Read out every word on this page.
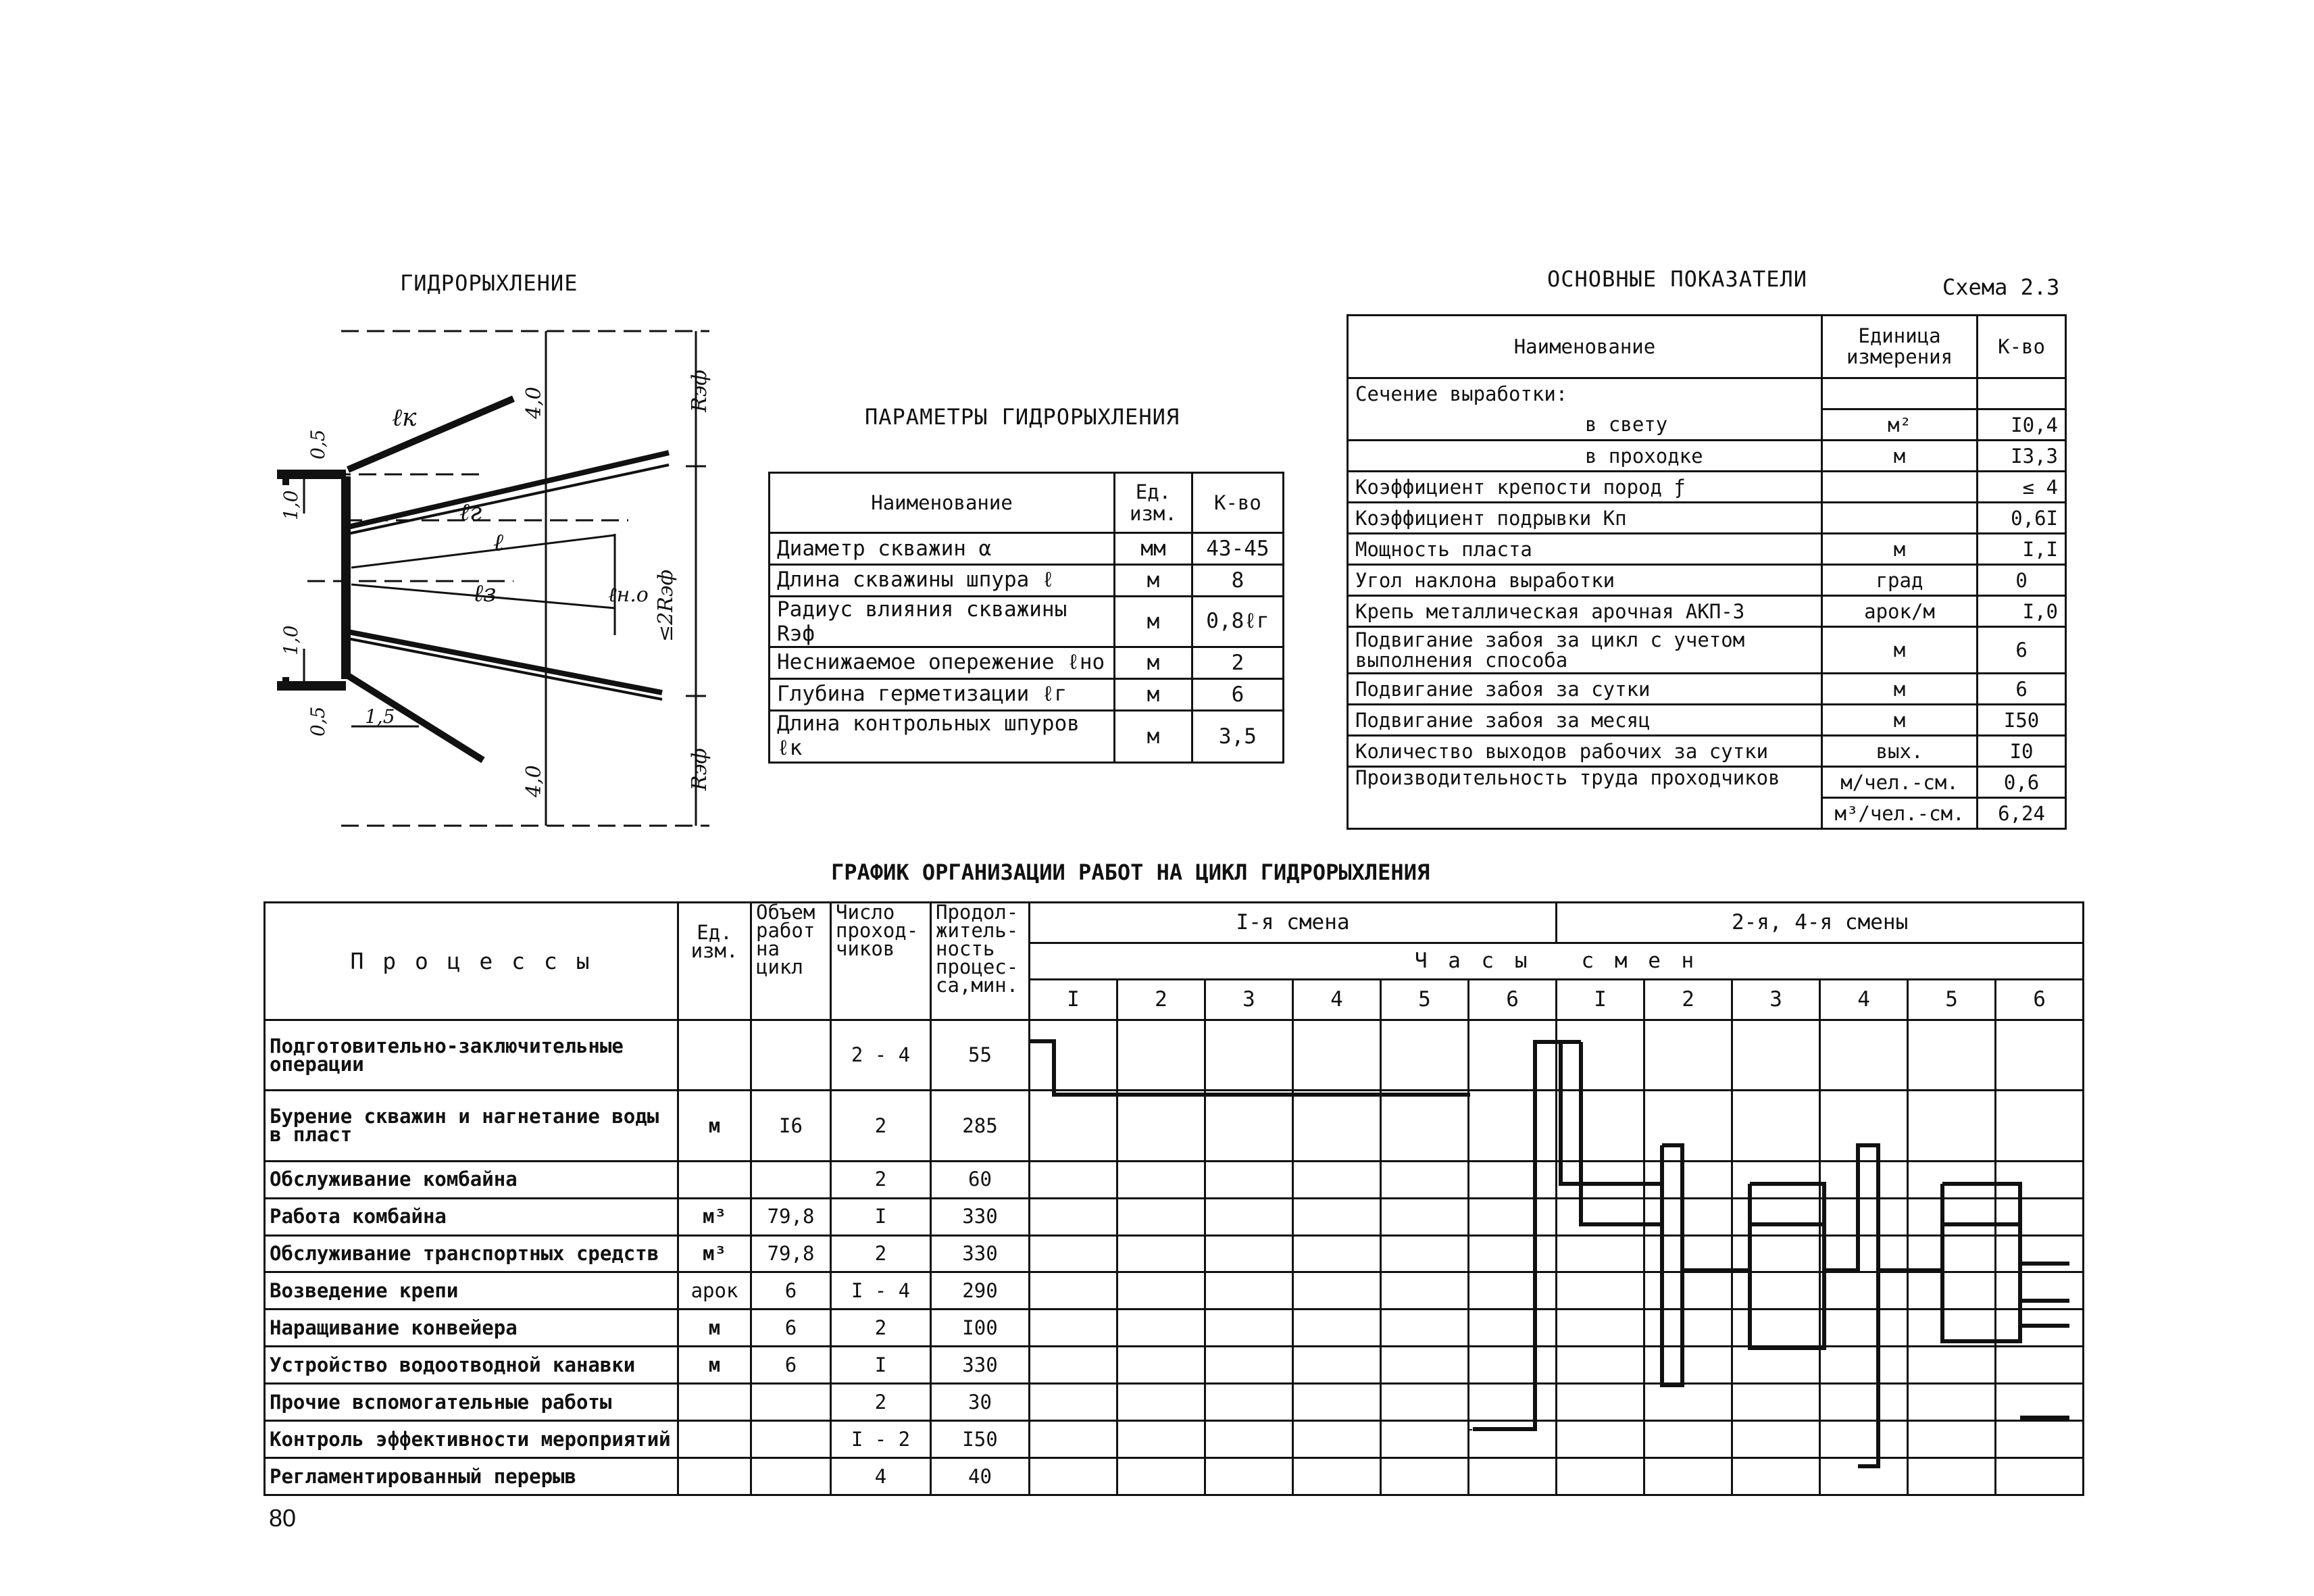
ГИДРОРЫХЛЕНИЕ
ℓк
ℓг
ℓ
ℓз	ℓн.о
Rэф
Rэф
≤2Rэф
4,0
4,0
0,5
0,5
1,0
1,0
1,5
ПАРАМЕТРЫ ГИДРОРЫХЛЕНИЯ
Наименование	Ед. изм.	К-во
Диаметр скважин α	мм	43-45
Длина скважины шпура ℓ	м	8
Радиус влияния скважины Rэф	м	0,8ℓг
Неснижаемое опережение ℓно	м	2
Глубина герметизации ℓг	м	6
Длина контрольных шпуров ℓк	м	3,5
ОСНОВНЫЕ ПОКАЗАТЕЛИ	Схема 2.3
Наименование	Единица измерения	К-во
Сечение выработки:		
в свету	м²	I0,4
в проходке	м	I3,3
Коэффициент крепости пород ƒ		≤ 4
Коэффициент подрывки Kп		0,6I
Мощность пласта	м	I,I
Угол наклона выработки	град	0
Крепь металлическая арочная АКП-3	арок/м	I,0
Подвигание забоя за цикл с учетом выполнения способа	м	6
Подвигание забоя за сутки	м	6
Подвигание забоя за месяц	м	I50
Количество выходов рабочих за сутки	вых.	I0
Производительность труда проходчиков	м/чел.-см.	0,6
	м³/чел.-см.	6,24
ГРАФИК ОРГАНИЗАЦИИ РАБОТ НА ЦИКЛ ГИДРОРЫХЛЕНИЯ
П р о ц е с с ы	Ед. изм.	Объем работ на цикл	Число проход- чиков	Продол- житель- ность процес- са,мин.	I-я смена						2-я, 4-я смены					
					Ч а с ы   с м е н											
					I	2	3	4	5	6	I	2	3	4	5	6
Подготовительно-заключительные операции			2 - 4	55												
Бурение скважин и нагнетание воды в пласт	м	I6	2	285												
Обслуживание комбайна			2	60												
Работа комбайна	м³	79,8	I	330												
Обслуживание транспортных средств	м³	79,8	2	330												
Возведение крепи	арок	6	I - 4	290												
Наращивание конвейера	м	6	2	I00												
Устройство водоотводной канавки	м	6	I	330												
Прочие вспомогательные работы			2	30												
Контроль эффективности мероприятий			I - 2	I50												
Регламентированный перерыв			4	40												
80
